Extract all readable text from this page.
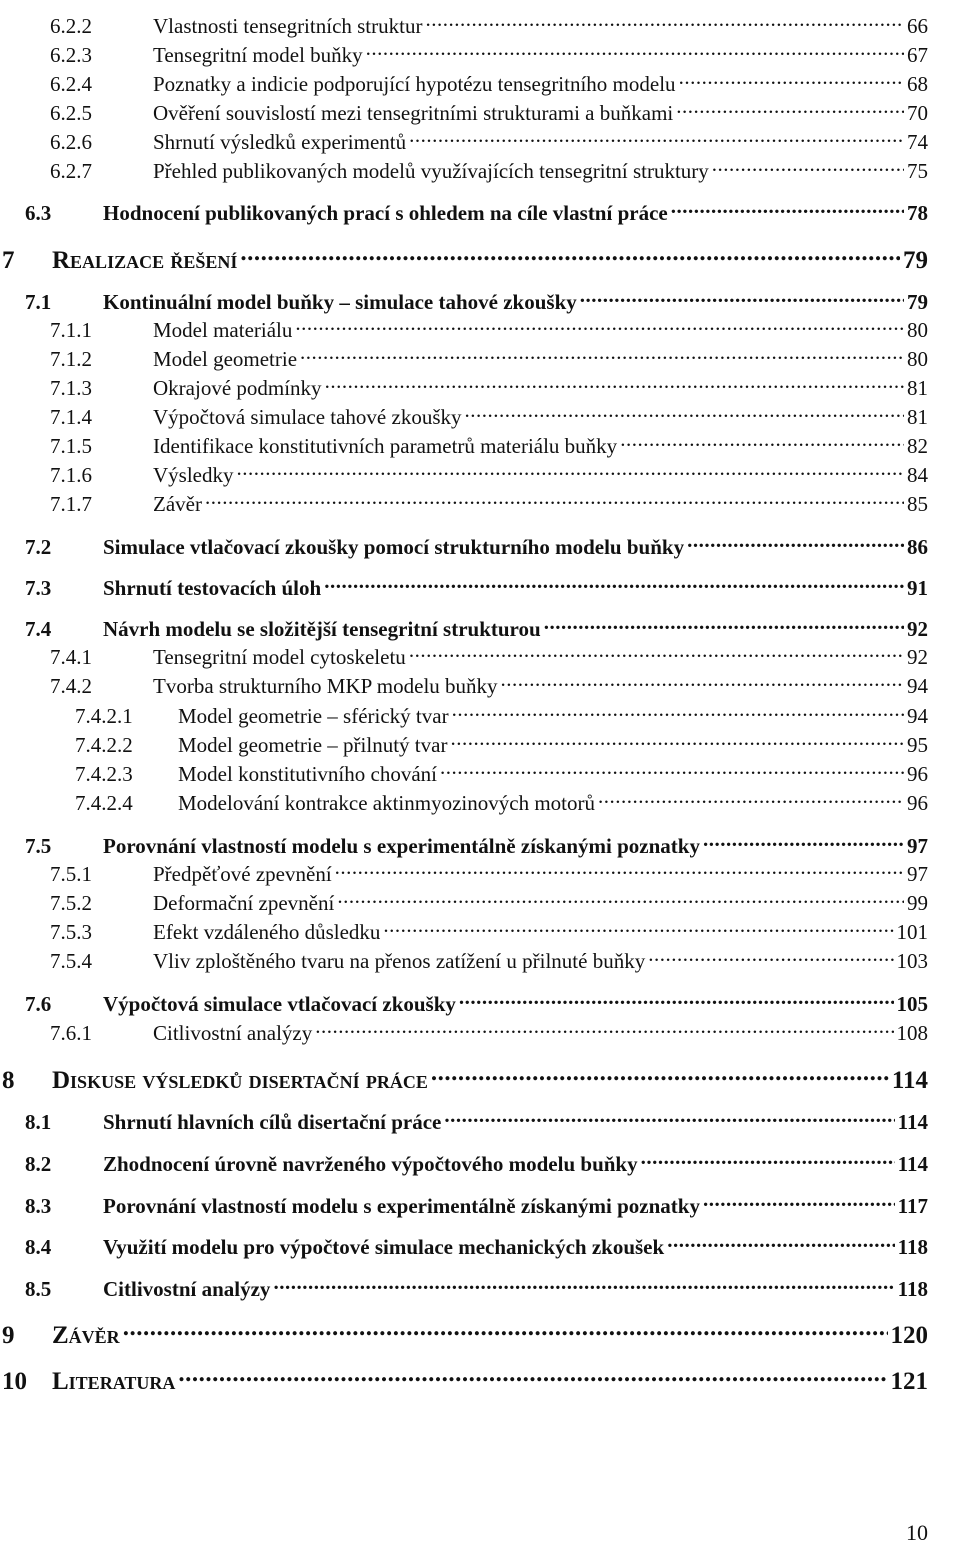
6.2.2	Vlastnosti tensegritních struktur .....	66
6.2.3	Tensegritní model buňky .....	67
6.2.4	Poznatky a indicie podporující hypotézu tensegritního modelu .....	68
6.2.5	Ověření souvislostí mezi tensegritními strukturami a buňkami .....	70
6.2.6	Shrnutí výsledků experimentů .....	74
6.2.7	Přehled publikovaných modelů využívajících tensegritní struktury .....	75
6.3	Hodnocení publikovaných prací s ohledem na cíle vlastní práce .....	78
7	Realizace řešení .....	79
7.1	Kontinuální model buňky – simulace tahové zkoušky .....	79
7.1.1	Model materiálu .....	80
7.1.2	Model geometrie .....	80
7.1.3	Okrajové podmínky .....	81
7.1.4	Výpočtová simulace tahové zkoušky .....	81
7.1.5	Identifikace konstitutivních parametrů materiálu buňky .....	82
7.1.6	Výsledky .....	84
7.1.7	Závěr .....	85
7.2	Simulace vtlačovací zkoušky pomocí strukturního modelu buňky .....	86
7.3	Shrnutí testovacích úloh .....	91
7.4	Návrh modelu se složitější tensegritní strukturou .....	92
7.4.1	Tensegritní model cytoskeletu .....	92
7.4.2	Tvorba strukturního MKP modelu buňky .....	94
7.4.2.1	Model geometrie – sférický tvar .....	94
7.4.2.2	Model geometrie – přilnutý tvar .....	95
7.4.2.3	Model konstitutivního chování .....	96
7.4.2.4	Modelování kontrakce aktinmyozinových motorů .....	96
7.5	Porovnání vlastností modelu s experimentálně získanými poznatky .....	97
7.5.1	Předpěťové zpevnění .....	97
7.5.2	Deformační zpevnění .....	99
7.5.3	Efekt vzdáleného důsledku .....	101
7.5.4	Vliv zploštěného tvaru na přenos zatížení u přilnuté buňky .....	103
7.6	Výpočtová simulace vtlačovací zkoušky .....	105
7.6.1	Citlivostní analýzy .....	108
8	Diskuse výsledků disertační práce .....	114
8.1	Shrnutí hlavních cílů disertační práce .....	114
8.2	Zhodnocení úrovně navrženého výpočtového modelu buňky .....	114
8.3	Porovnání vlastností modelu s experimentálně získanými poznatky .....	117
8.4	Využití modelu pro výpočtové simulace mechanických zkoušek .....	118
8.5	Citlivostní analýzy .....	118
9	Závěr .....	120
10	Literatura .....	121
10
